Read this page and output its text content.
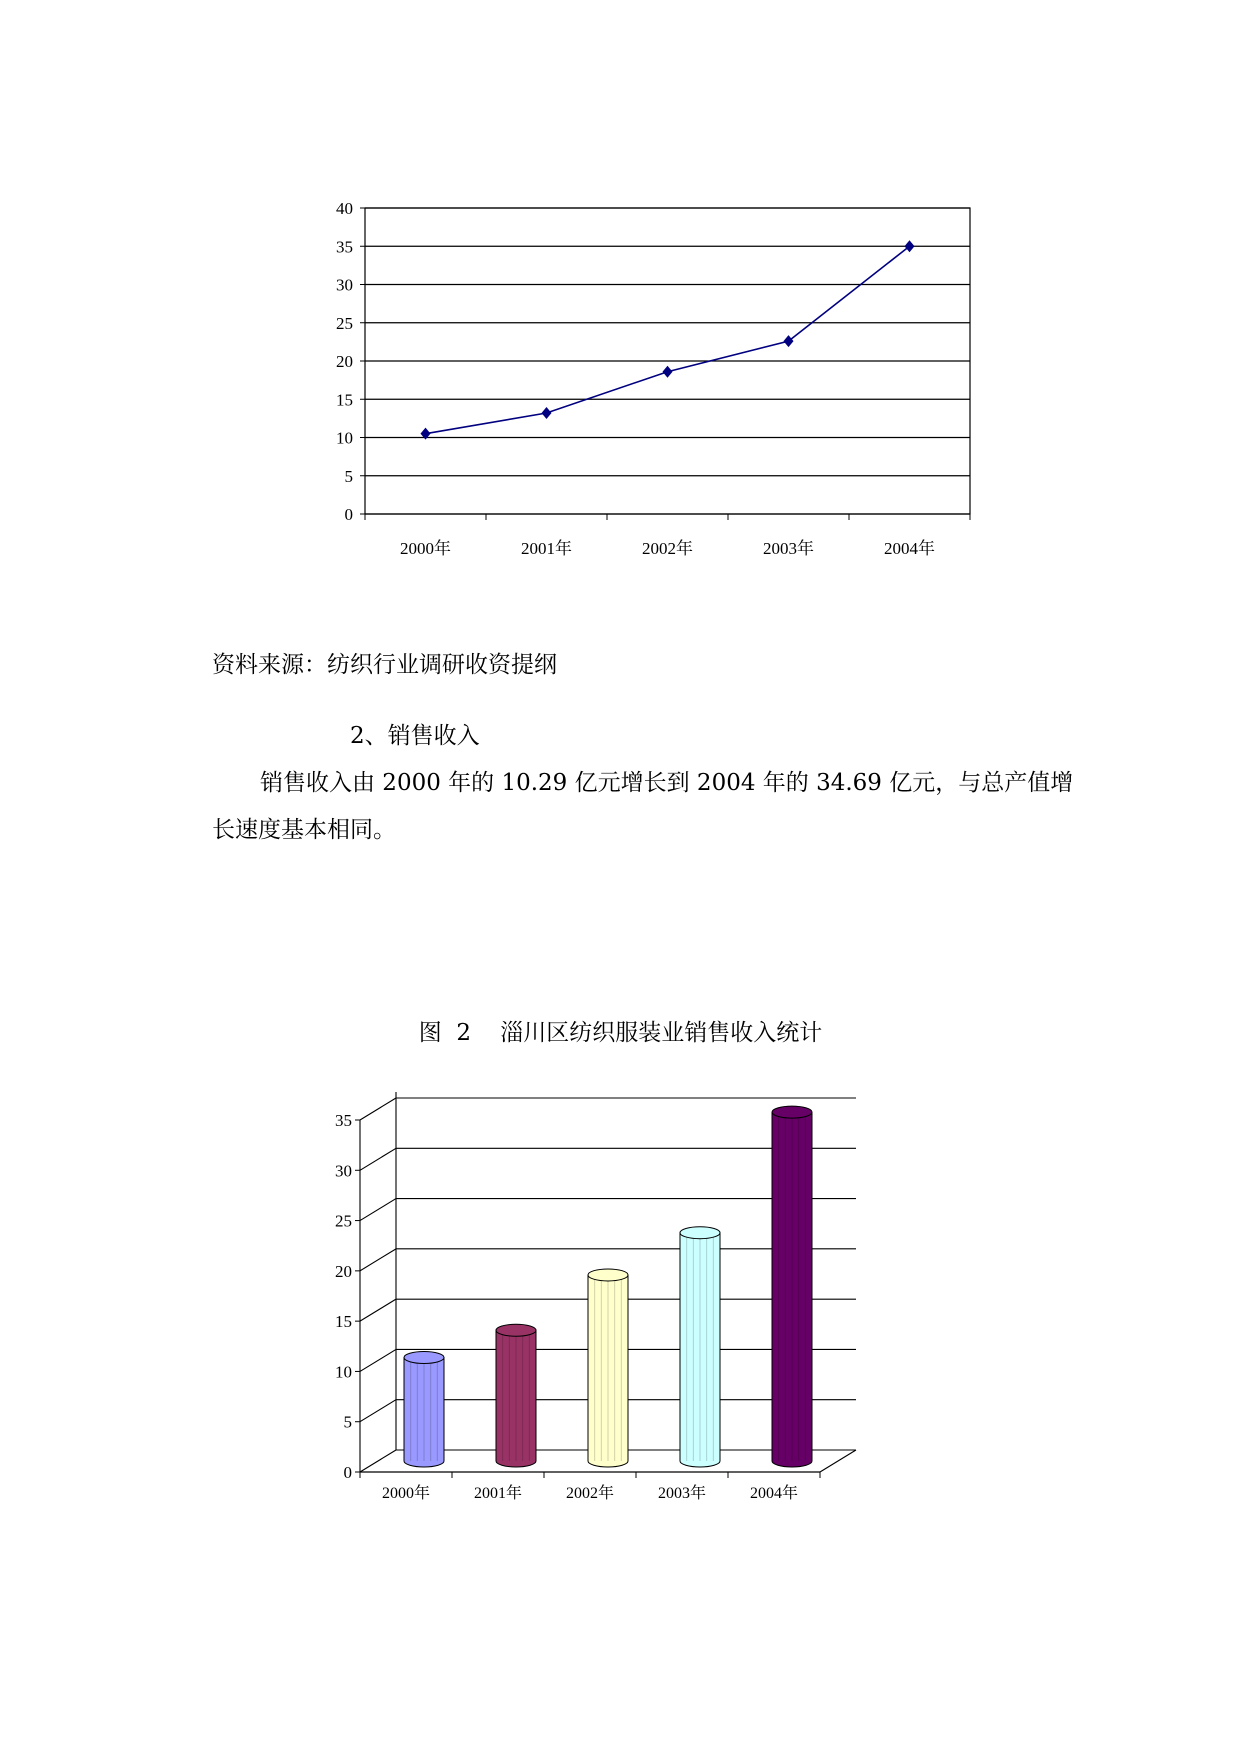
0
5
10
15
20
25
30
35
40
2000年	2001年	2002年	2003年	2004年
资料来源：纺织行业调研收资提纲
2、销售收入
销售收入由 2000 年的 10.29 亿元增长到 2004 年的 34.69 亿元，与总产值增
长速度基本相同。
图  2    淄川区纺织服装业销售收入统计
0
5
10
15
20
25
30
35
2000年	2001年	2002年	2003年	2004年
